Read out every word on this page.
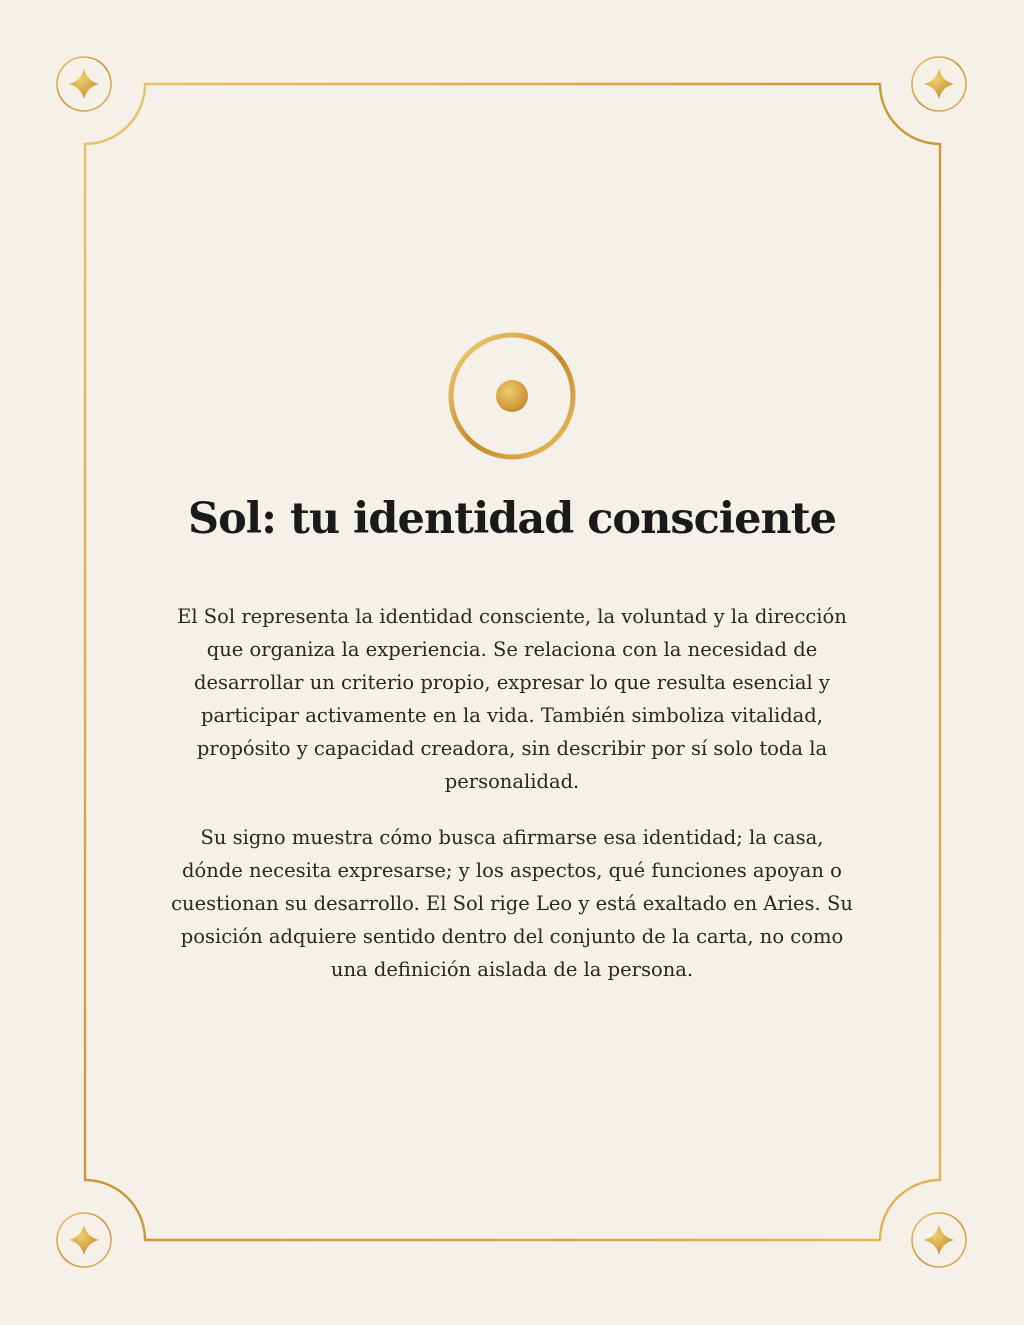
Sol: tu identidad consciente

El Sol representa la identidad consciente, la voluntad y la dirección que organiza la experiencia. Se relaciona con la necesidad de desarrollar un criterio propio, expresar lo que resulta esencial y participar activamente en la vida. También simboliza vitalidad, propósito y capacidad creadora, sin describir por sí solo toda la personalidad.

Su signo muestra cómo busca afirmarse esa identidad; la casa, dónde necesita expresarse; y los aspectos, qué funciones apoyan o cuestionan su desarrollo. El Sol rige Leo y está exaltado en Aries. Su posición adquiere sentido dentro del conjunto de la carta, no como una definición aislada de la persona.
